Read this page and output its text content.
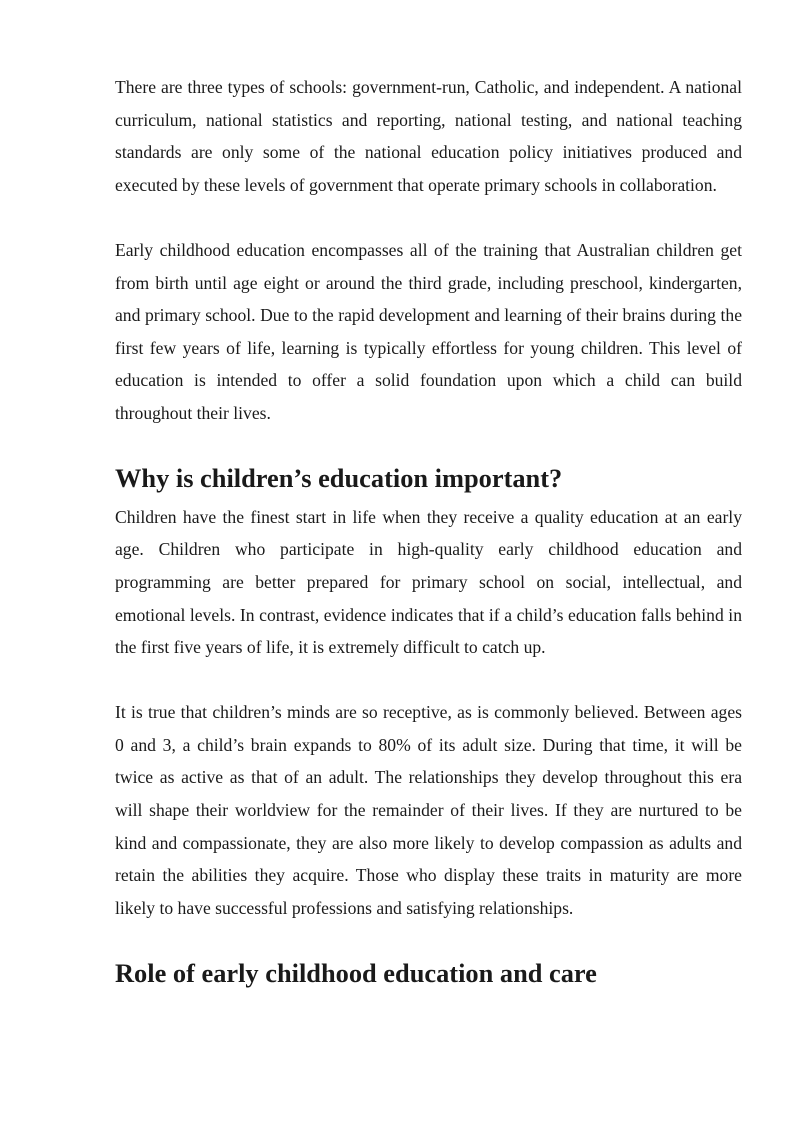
There are three types of schools: government-run, Catholic, and independent. A national curriculum, national statistics and reporting, national testing, and national teaching standards are only some of the national education policy initiatives produced and executed by these levels of government that operate primary schools in collaboration.

Early childhood education encompasses all of the training that Australian children get from birth until age eight or around the third grade, including preschool, kindergarten, and primary school. Due to the rapid development and learning of their brains during the first few years of life, learning is typically effortless for young children. This level of education is intended to offer a solid foundation upon which a child can build throughout their lives.

Why is children’s education important?

Children have the finest start in life when they receive a quality education at an early age. Children who participate in high-quality early childhood education and programming are better prepared for primary school on social, intellectual, and emotional levels. In contrast, evidence indicates that if a child’s education falls behind in the first five years of life, it is extremely difficult to catch up.

It is true that children’s minds are so receptive, as is commonly believed. Between ages 0 and 3, a child’s brain expands to 80% of its adult size. During that time, it will be twice as active as that of an adult. The relationships they develop throughout this era will shape their worldview for the remainder of their lives. If they are nurtured to be kind and compassionate, they are also more likely to develop compassion as adults and retain the abilities they acquire. Those who display these traits in maturity are more likely to have successful professions and satisfying relationships.

Role of early childhood education and care
